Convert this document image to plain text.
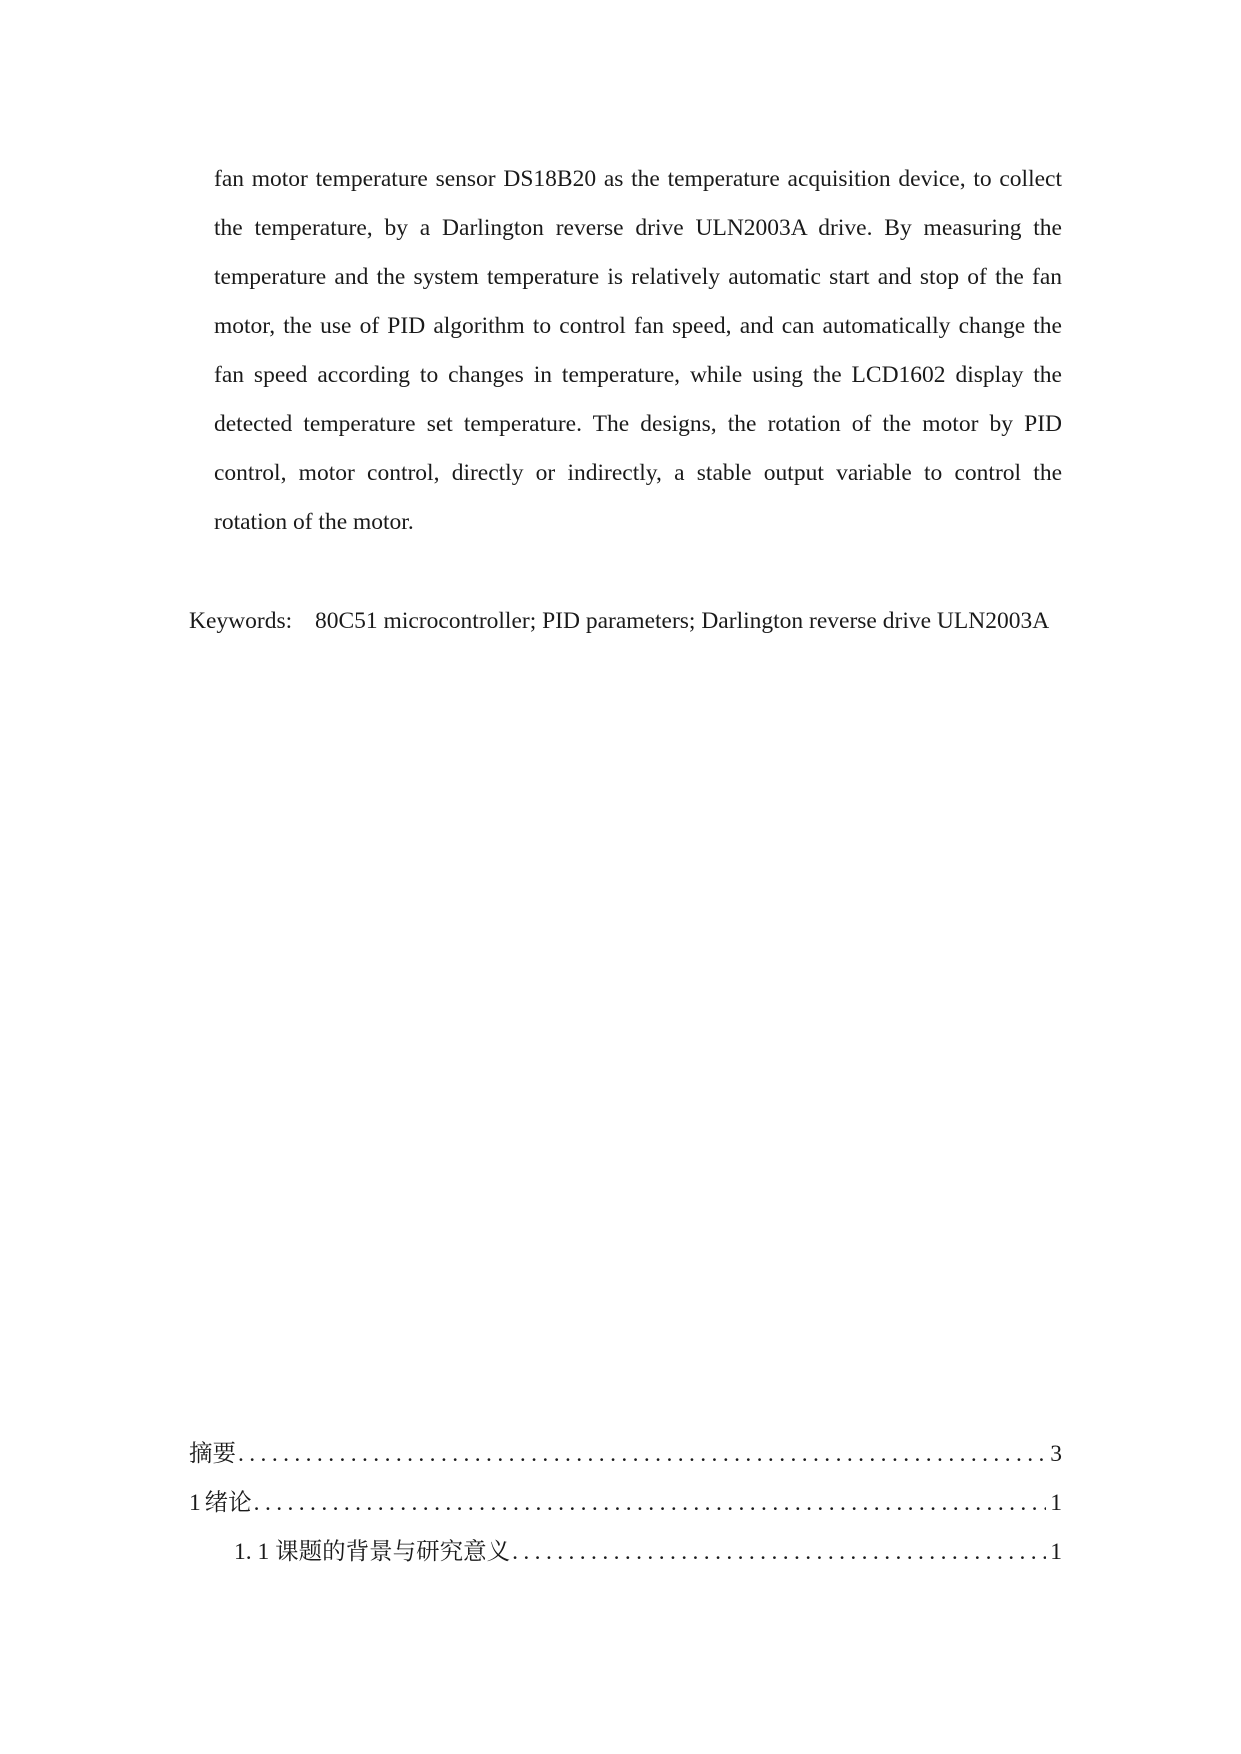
fan motor temperature sensor DS18B20 as the temperature acquisition device, to collect the temperature, by a Darlington reverse drive ULN2003A drive. By measuring the temperature and the system temperature is relatively automatic start and stop of the fan motor, the use of PID algorithm to control fan speed, and can automatically change the fan speed according to changes in temperature, while using the LCD1602 display the detected temperature set temperature. The designs, the rotation of the motor by PID control, motor control, directly or indirectly, a stable output variable to control the rotation of the motor.

Keywords: 80C51 microcontroller; PID parameters; Darlington reverse drive ULN2003A
摘要 .....	3
1 绪论 .....	1
1. 1 课题的背景与研究意义 .....	1
